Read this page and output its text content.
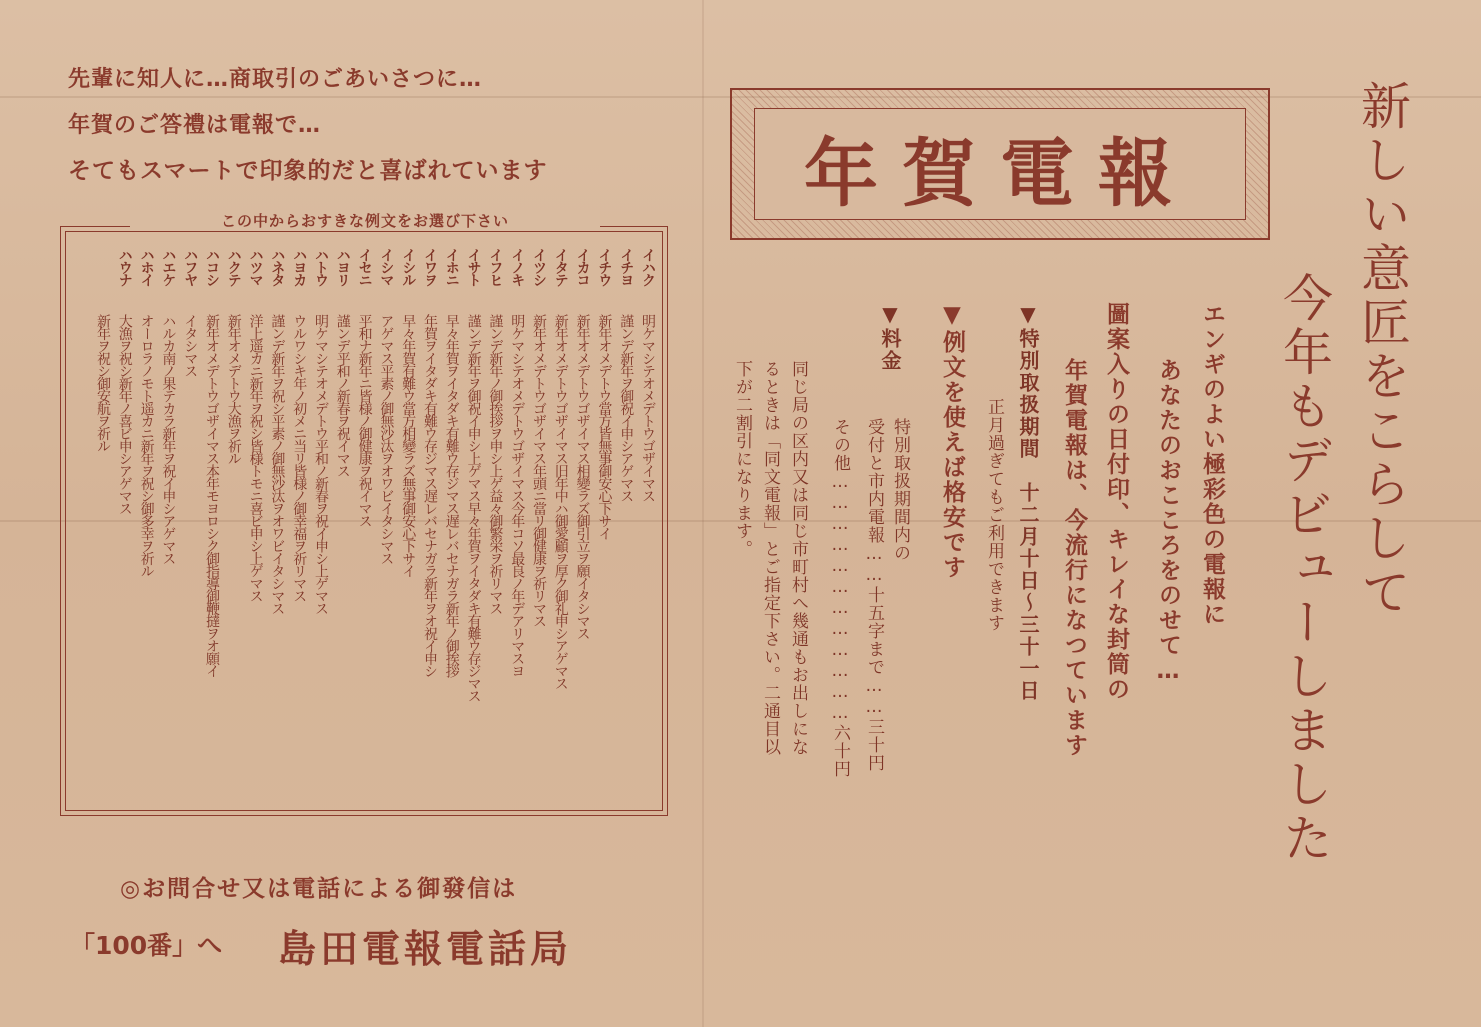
先輩に知人に…商取引のごあいさつに…
年賀のご答禮は電報で…
そてもスマートで印象的だと喜ばれています
この中からおすきな例文をお選び下さい
イハク
明ケマシテオメデトウゴザイマス
イチヨ
謹ンデ新年ヲ御祝イ申シアゲマス
イチウ
新年オメデトウ當方皆無事御安心下サイ
イカコ
新年オメデトウゴザイマス相變ラズ御引立ヲ願イタシマス
イタテ
新年オメデトウゴザイマス旧年中ハ御愛顧ヲ厚ク御礼申シアゲマス
イツシ
新年オメデトウゴザイマス年頭ニ當リ御健康ヲ祈リマス
イノキ
明ケマシテオメデトウゴザイマス今年コソ最良ノ年デアリマスヨ
イフヒ
謹ンデ新年ノ御挨拶ヲ申シ上ゲ益々御繁栄ヲ祈リマス
イサト
謹ンデ新年ヲ御祝イ申シ上ゲマス早々年賀ヲイタダキ有難ウ存ジマス
イホニ
早々年賀ヲイタダキ有難ウ存ジマス遅レバセナガラ新年ノ御挨拶
イワヲ
年賀ヲイタダキ有難ウ存ジマス遅レバセナガラ新年ヲオ祝イ申シ
イシル
早々年賀有難ウ當方相變ラズ無事御安心下サイ
イシマ
アゲマス平素ノ御無沙汰ヲオワビイタシマス
イセニ
平和ナ新年ニ皆様ノ御健康ヲ祝イマス
ハヨリ
謹ンデ平和ノ新春ヲ祝イマス
ハトウ
明ケマシテオメデトウ平和ノ新春ヲ祝イ申シ上ゲマス
ハヨカ
ウルワシキ年ノ初メニ当リ皆様ノ御幸福ヲ祈リマス
ハネタ
謹ンデ新年ヲ祝シ平素ノ御無沙汰ヲオワビイタシマス
ハツマ
洋上遥カニ新年ヲ祝シ皆様トモニ喜ビ申シ上ゲマス
ハクテ
新年オメデトウ大漁ヲ祈ル
ハコシ
新年オメデトウゴザイマス本年モヨロシク御指導御鞭撻ヲオ願イ
ハフヤ
イタシマス
ハエケ
ハルカ南ノ果テカラ新年ヲ祝イ申シアゲマス
ハホイ
オーロラノモト遥カニ新年ヲ祝シ御多幸ヲ祈ル
ハウナ
大漁ヲ祝シ新年ノ喜ビ申シアゲマス
新年ヲ祝シ御安航ヲ祈ル
年賀電報	新しい意匠をこらして
今年もデビューしました
エンギのよい極彩色の電報に
あなたのおこころをのせて…
圖案入りの日付印、キレイな封筒の
年賀電報は、今流行になつています
▼特別取扱期間　十二月十日〜三十一日
正月過ぎてもご利用できます
▼例文を使えば格安です
▼料金
特別取扱期間内の
受付と市内電報……十五字まで……三十円
その他………………………………六十円
同じ局の区内又は同じ市町村へ幾通もお出しにな
るときは「同文電報」とご指定下さい。二通目以
下が二割引になります。
◎お問合せ又は電話による御發信は
「100番」へ 島田電報電話局
